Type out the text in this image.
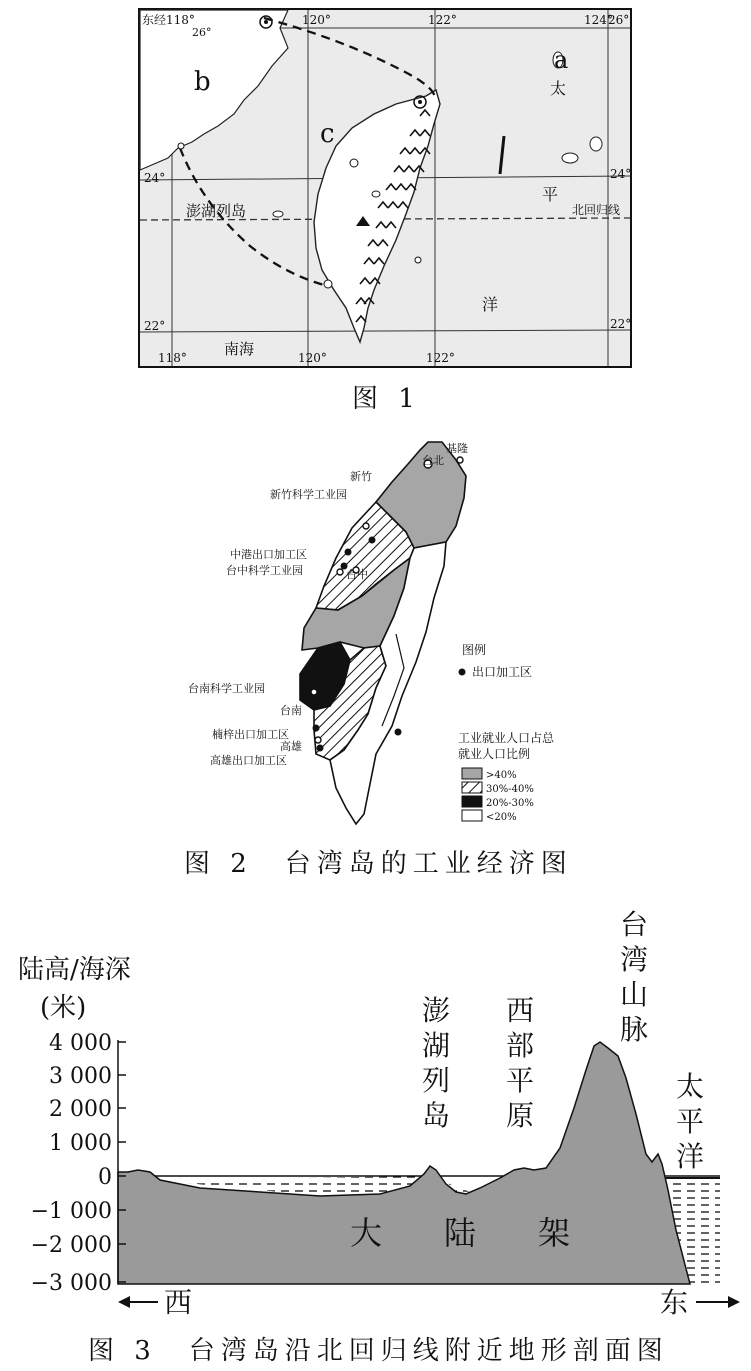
东经118°
26°
120°	122°	124°
26°
24°	24°
22°	22°
118°	120°	122°
a
b
c
太
平
洋
澎湖列岛	北回归线
南海
图 1
基隆
台北
新竹
新竹科学工业园
中港出口加工区
台中科学工业园	台中
台南科学工业园
台南
楠梓出口加工区
高雄
高雄出口加工区
图例
出口加工区
工业就业人口占总
就业人口比例
>40%
30%-40%
20%-30%
<20%
图 2　台湾岛的工业经济图
4 000
3 000
2 000
1 000
0
−1 000
−2 000
−3 000
陆高/海深
(米)	澎
湖
列
岛
西
部
平
原
台
湾
山
脉
太
平
洋
大 陆 架
西	东
图 3　台湾岛沿北回归线附近地形剖面图
